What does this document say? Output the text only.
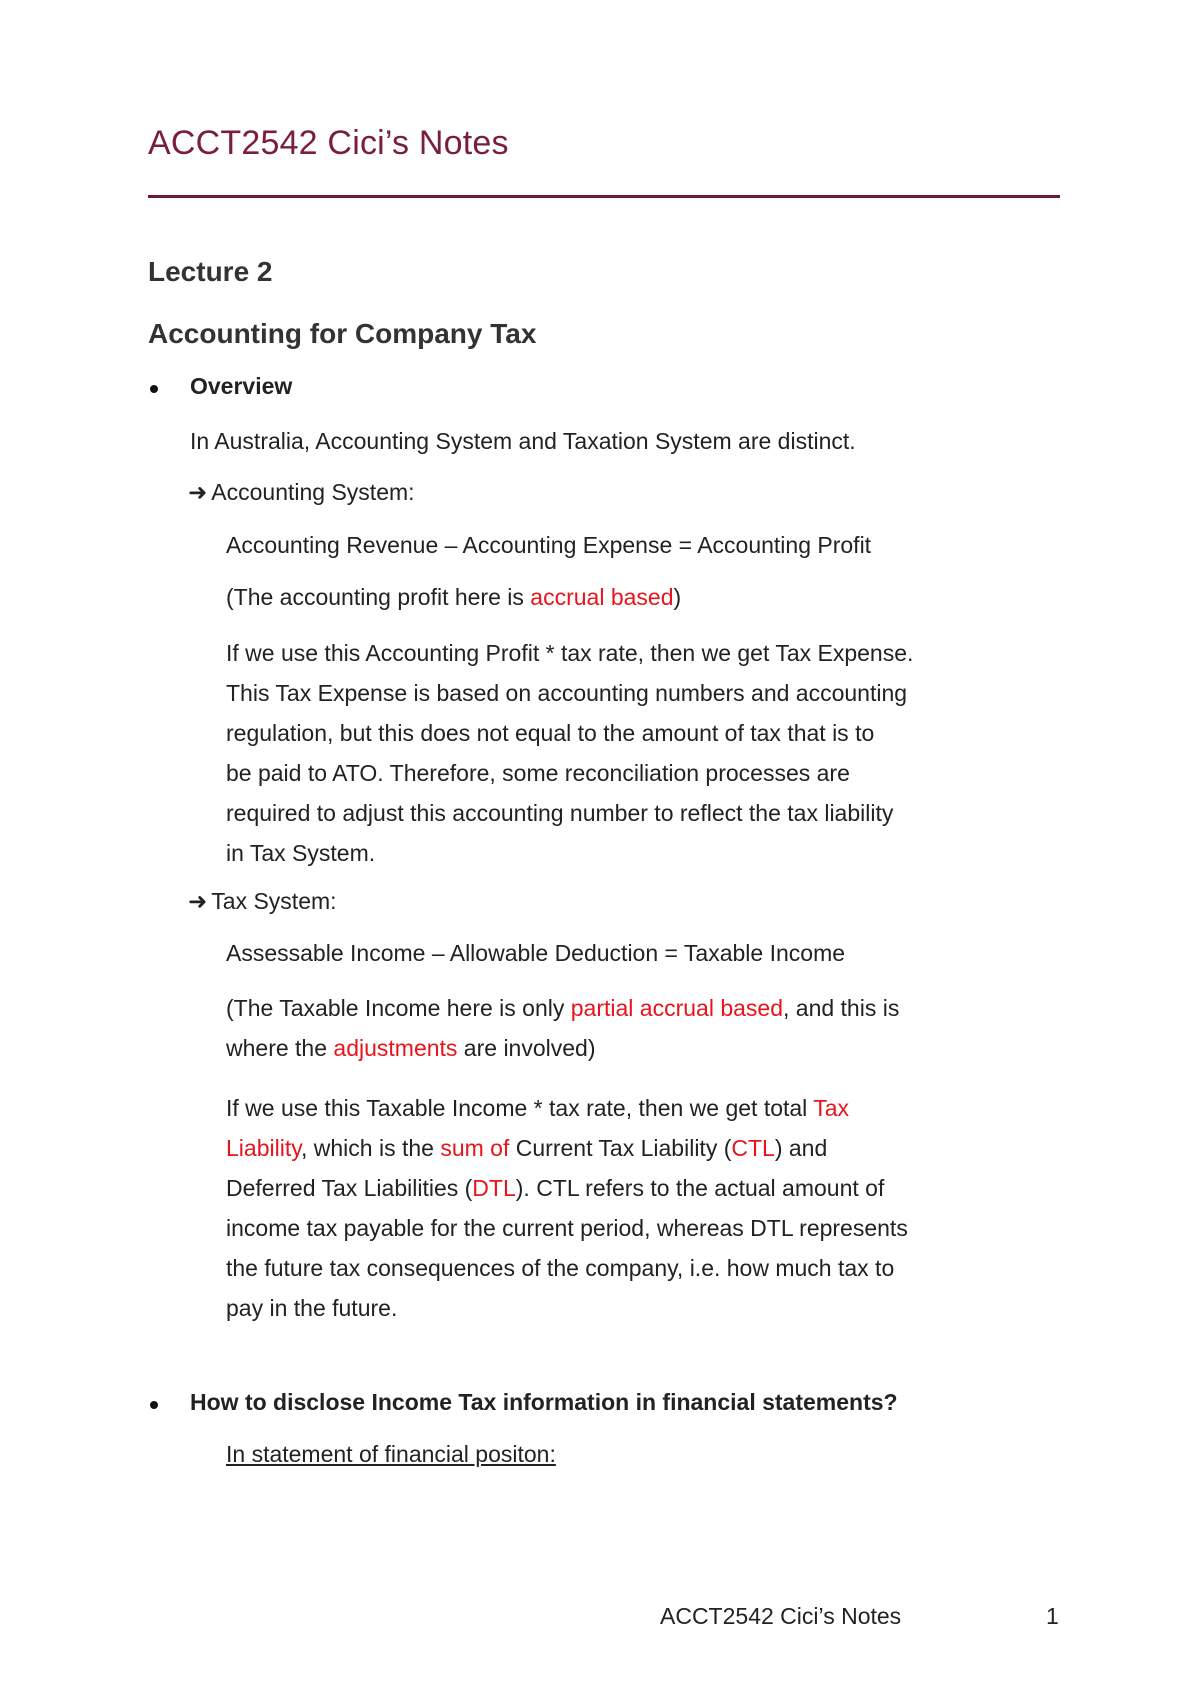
ACCT2542 Cici’s Notes
Lecture 2
Accounting for Company Tax
Overview
In Australia, Accounting System and Taxation System are distinct.
➜ Accounting System:
Accounting Revenue – Accounting Expense = Accounting Profit
(The accounting profit here is accrual based)
If we use this Accounting Profit * tax rate, then we get Tax Expense.
This Tax Expense is based on accounting numbers and accounting
regulation, but this does not equal to the amount of tax that is to
be paid to ATO. Therefore, some reconciliation processes are
required to adjust this accounting number to reflect the tax liability
in Tax System.
➜ Tax System:
Assessable Income – Allowable Deduction = Taxable Income
(The Taxable Income here is only partial accrual based, and this is
where the adjustments are involved)
If we use this Taxable Income * tax rate, then we get total Tax
Liability, which is the sum of Current Tax Liability (CTL) and
Deferred Tax Liabilities (DTL). CTL refers to the actual amount of
income tax payable for the current period, whereas DTL represents
the future tax consequences of the company, i.e. how much tax to
pay in the future.
How to disclose Income Tax information in financial statements?
In statement of financial positon:
ACCT2542 Cici’s Notes	1
